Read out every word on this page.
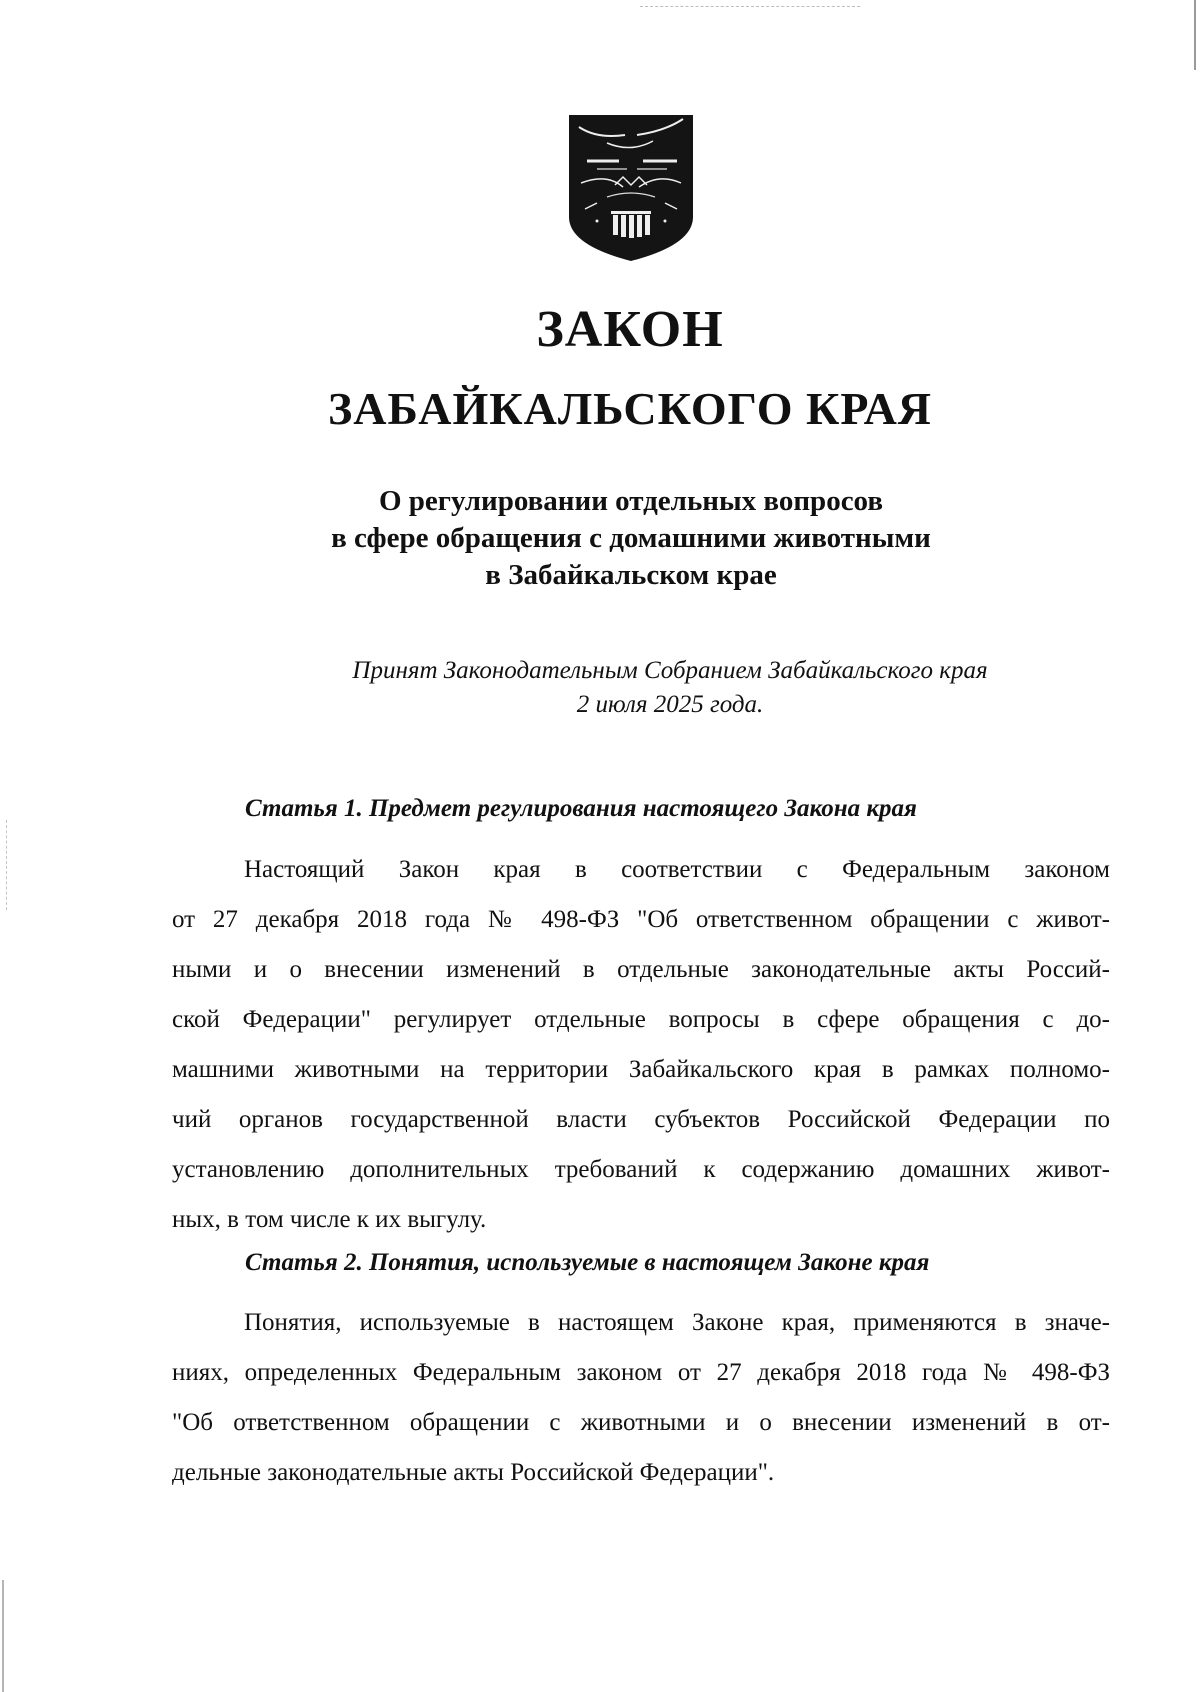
ЗАКОН
ЗАБАЙКАЛЬСКОГО КРАЯ
О регулировании отдельных вопросов
в сфере обращения с домашними животными
в Забайкальском крае
Принят Законодательным Собранием Забайкальского края
2 июля 2025 года.
Статья 1. Предмет регулирования настоящего Закона края
Настоящий Закон края в соответствии с Федеральным законом
от 27 декабря 2018 года № 498-ФЗ "Об ответственном обращении с живот-
ными и о внесении изменений в отдельные законодательные акты Россий-
ской Федерации" регулирует отдельные вопросы в сфере обращения с до-
машними животными на территории Забайкальского края в рамках полномо-
чий органов государственной власти субъектов Российской Федерации по
установлению дополнительных требований к содержанию домашних живот-
ных, в том числе к их выгулу.
Статья 2. Понятия, используемые в настоящем Законе края
Понятия, используемые в настоящем Законе края, применяются в значе-
ниях, определенных Федеральным законом от 27 декабря 2018 года № 498-ФЗ
"Об ответственном обращении с животными и о внесении изменений в от-
дельные законодательные акты Российской Федерации".
